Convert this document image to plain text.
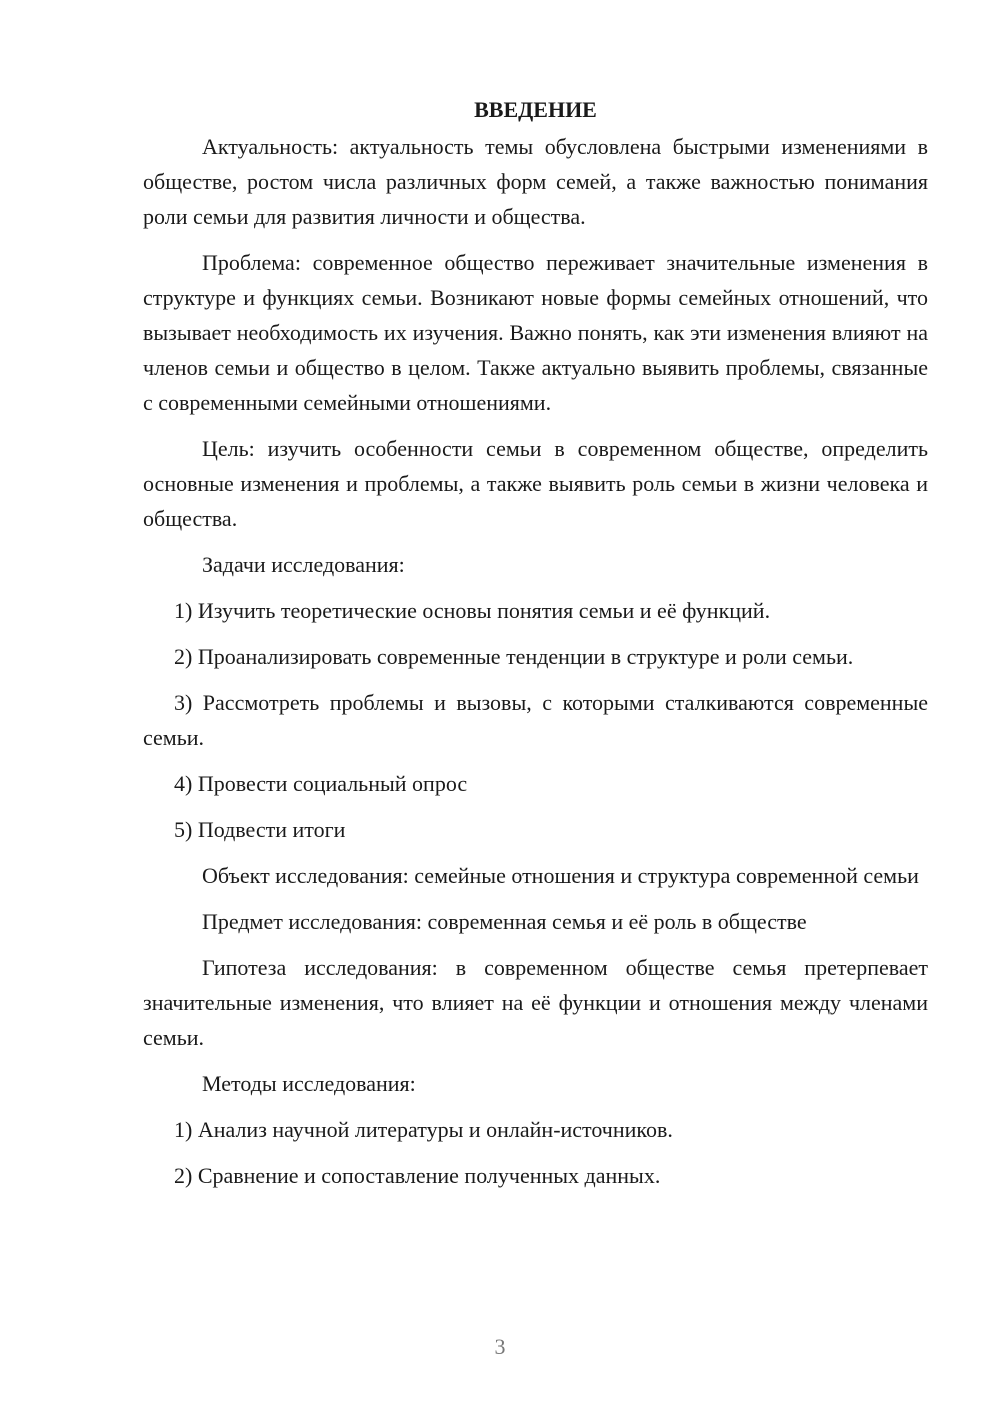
ВВЕДЕНИЕ

Актуальность: актуальность темы обусловлена быстрыми изменениями в обществе, ростом числа различных форм семей, а также важностью понимания роли семьи для развития личности и общества.

Проблема: современное общество переживает значительные изменения в структуре и функциях семьи. Возникают новые формы семейных отношений, что вызывает необходимость их изучения. Важно понять, как эти изменения влияют на членов семьи и общество в целом. Также актуально выявить проблемы, связанные с современными семейными отношениями.

Цель: изучить особенности семьи в современном обществе, определить основные изменения и проблемы, а также выявить роль семьи в жизни человека и общества.

Задачи исследования:

1) Изучить теоретические основы понятия семьи и её функций.

2) Проанализировать современные тенденции в структуре и роли семьи.

3) Рассмотреть проблемы и вызовы, с которыми сталкиваются современные семьи.

4) Провести социальный опрос

5) Подвести итоги

Объект исследования: семейные отношения и структура современной семьи

Предмет исследования: современная семья и её роль в обществе

Гипотеза исследования: в современном обществе семья претерпевает значительные изменения, что влияет на её функции и отношения между членами семьи.

Методы исследования:

1) Анализ научной литературы и онлайн-источников.

2) Сравнение и сопоставление полученных данных.

3
